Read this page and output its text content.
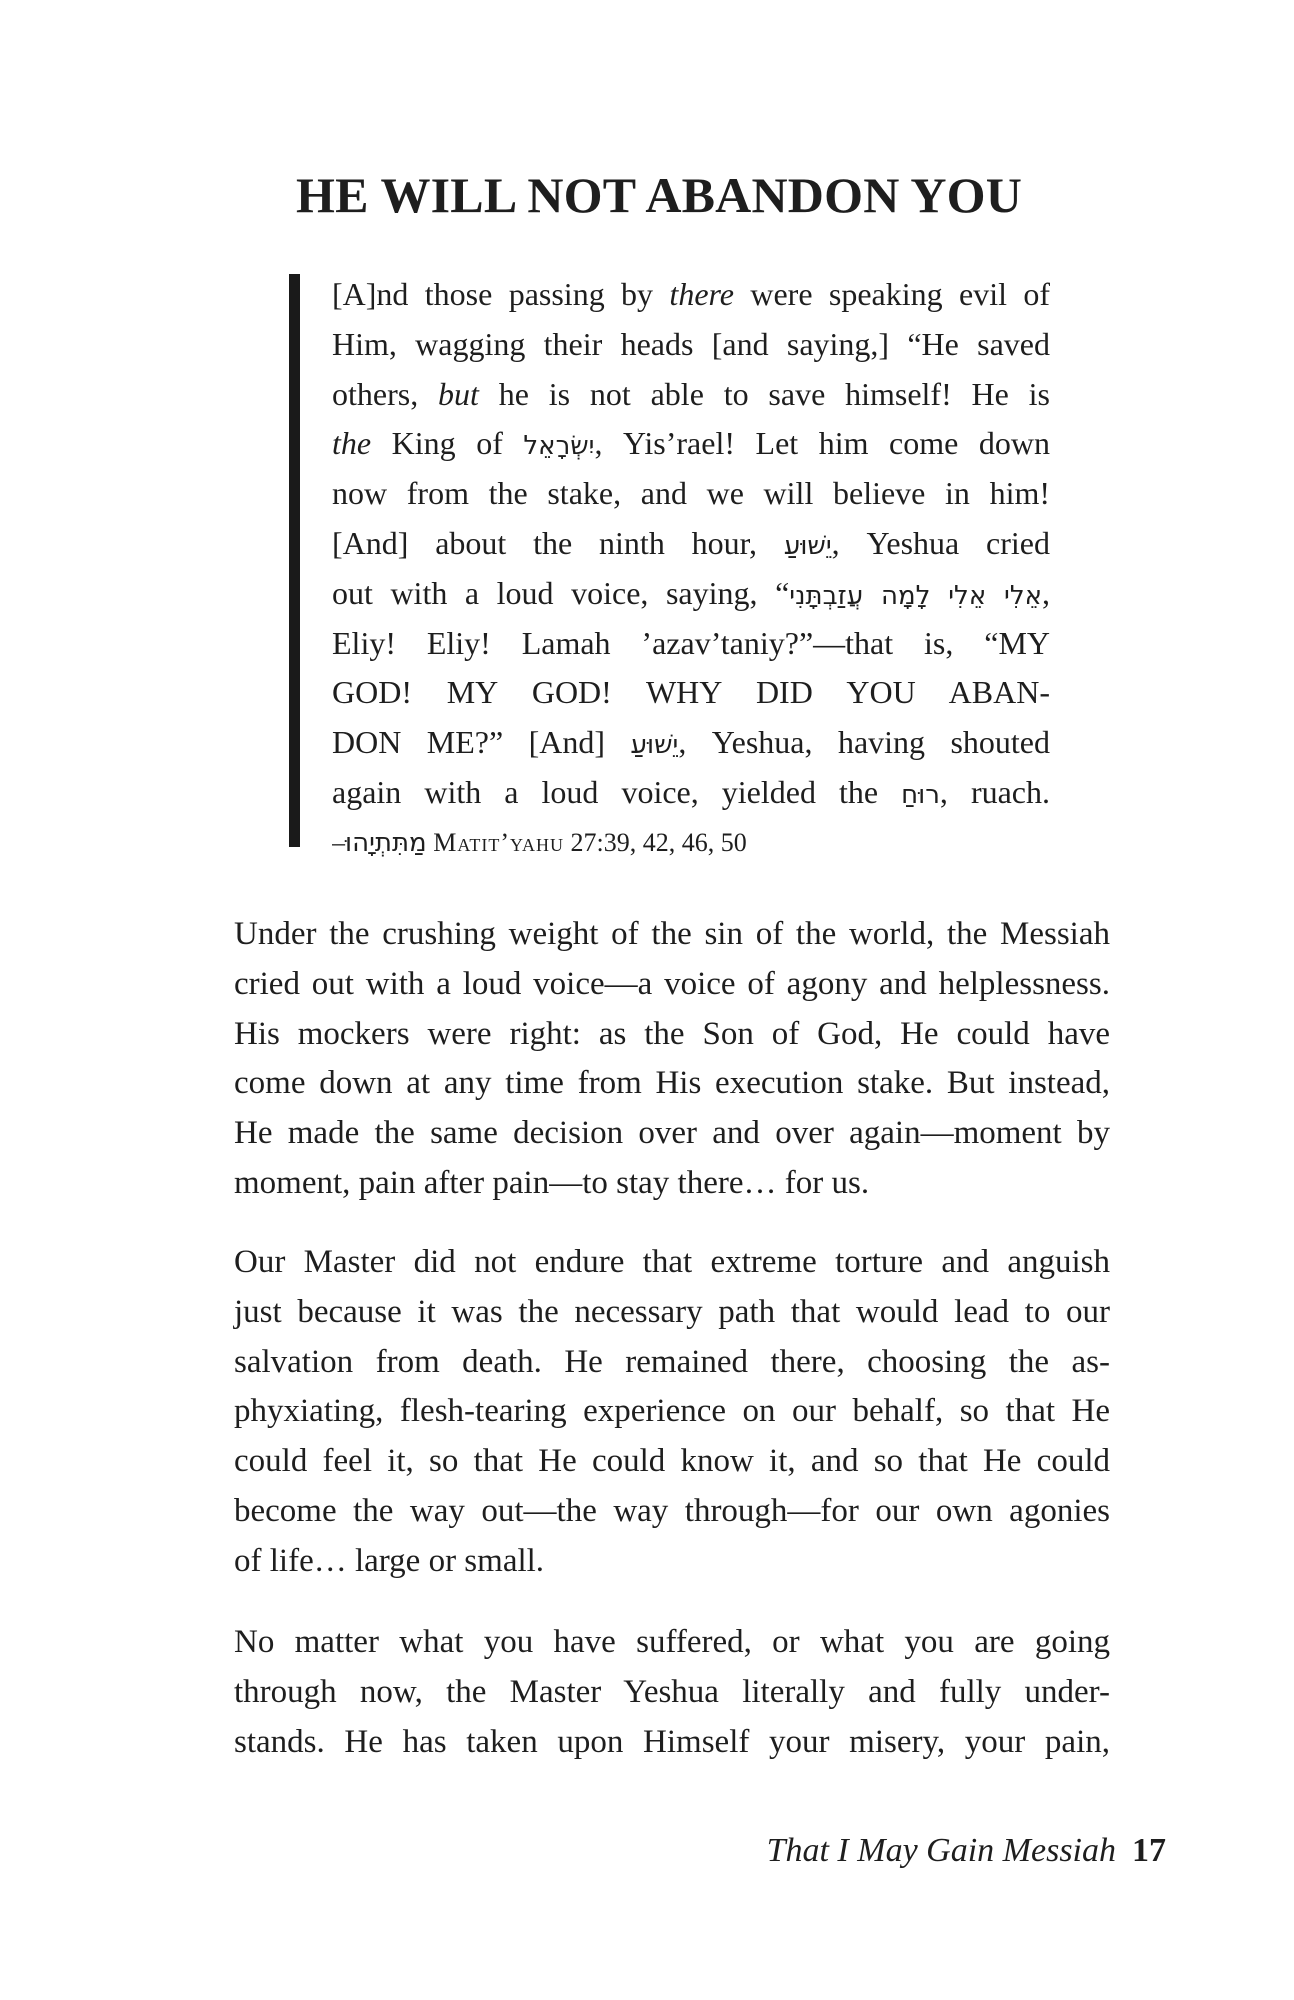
HE WILL NOT ABANDON YOU
[A]nd those passing by there were speaking evil of
Him, wagging their heads [and saying,] “He saved
others, but he is not able to save himself! He is
the King of יִשְׂרָאֵל, Yis’rael! Let him come down
now from the stake, and we will believe in him!
[And] about the ninth hour, יֵשׁוּעַ, Yeshua cried
out with a loud voice, saying, “אֵלִי אֵלִי לָמָה עֲזַבְתָּנִי,
Eliy! Eliy! Lamah ’azav’taniy?”—that is, “MY
GOD! MY GOD! WHY DID YOU ABAN-
DON ME?” [And] יֵשׁוּעַ, Yeshua, having shouted
again with a loud voice, yielded the רוּחַ, ruach.
–מַתִּתְיָהוּ Matit’yahu 27:39, 42, 46, 50
Under the crushing weight of the sin of the world, the Messiah
cried out with a loud voice—a voice of agony and helplessness.
His mockers were right: as the Son of God, He could have
come down at any time from His execution stake. But instead,
He made the same decision over and over again—moment by
moment, pain after pain—to stay there… for us.
Our Master did not endure that extreme torture and anguish
just because it was the necessary path that would lead to our
salvation from death. He remained there, choosing the as-
phyxiating, flesh-tearing experience on our behalf, so that He
could feel it, so that He could know it, and so that He could
become the way out—the way through—for our own agonies
of life… large or small.
No matter what you have suffered, or what you are going
through now, the Master Yeshua literally and fully under-
stands. He has taken upon Himself your misery, your pain,
That I May Gain Messiah 17
